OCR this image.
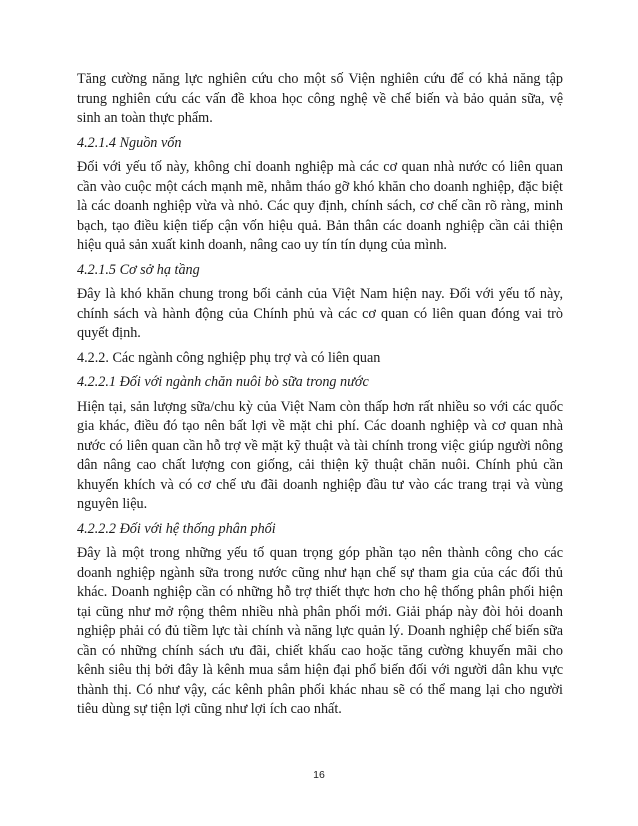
Tăng cường năng lực nghiên cứu cho một số Viện nghiên cứu để có khả năng tập trung nghiên cứu các vấn đề khoa học công nghệ về chế biến và bảo quản sữa, vệ sinh an toàn thực phẩm.

4.2.1.4 Nguồn vốn

Đối với yếu tố này, không chỉ doanh nghiệp mà các cơ quan nhà nước có liên quan cần vào cuộc một cách mạnh mẽ, nhằm tháo gỡ khó khăn cho doanh nghiệp, đặc biệt là các doanh nghiệp vừa và nhỏ. Các quy định, chính sách, cơ chế cần rõ ràng, minh bạch, tạo điều kiện tiếp cận vốn hiệu quả. Bản thân các doanh nghiệp cần cải thiện hiệu quả sản xuất kinh doanh, nâng cao uy tín tín dụng của mình.

4.2.1.5 Cơ sở hạ tầng

Đây là khó khăn chung trong bối cảnh của Việt Nam hiện nay. Đối với yếu tố này, chính sách và hành động của Chính phủ và các cơ quan có liên quan đóng vai trò quyết định.

4.2.2. Các ngành công nghiệp phụ trợ và có liên quan

4.2.2.1 Đối với ngành chăn nuôi bò sữa trong nước

Hiện tại, sản lượng sữa/chu kỳ của Việt Nam còn thấp hơn rất nhiều so với các quốc gia khác, điều đó tạo nên bất lợi về mặt chi phí. Các doanh nghiệp và cơ quan nhà nước có liên quan cần hỗ trợ về mặt kỹ thuật và tài chính trong việc giúp người nông dân nâng cao chất lượng con giống, cải thiện kỹ thuật chăn nuôi. Chính phủ cần khuyến khích và có cơ chế ưu đãi doanh nghiệp đầu tư vào các trang trại và vùng nguyên liệu.

4.2.2.2 Đối với hệ thống phân phối

Đây là một trong những yếu tố quan trọng góp phần tạo nên thành công cho các doanh nghiệp ngành sữa trong nước cũng như hạn chế sự tham gia của các đối thủ khác. Doanh nghiệp cần có những hỗ trợ thiết thực hơn cho hệ thống phân phối hiện tại cũng như mở rộng thêm nhiều nhà phân phối mới. Giải pháp này đòi hỏi doanh nghiệp phải có đủ tiềm lực tài chính và năng lực quản lý. Doanh nghiệp chế biến sữa cần có những chính sách ưu đãi, chiết khấu cao hoặc tăng cường khuyến mãi cho kênh siêu thị bởi đây là kênh mua sắm hiện đại phổ biến đối với người dân khu vực thành thị. Có như vậy, các kênh phân phối khác nhau sẽ có thể mang lại cho người tiêu dùng sự tiện lợi cũng như lợi ích cao nhất.

16
